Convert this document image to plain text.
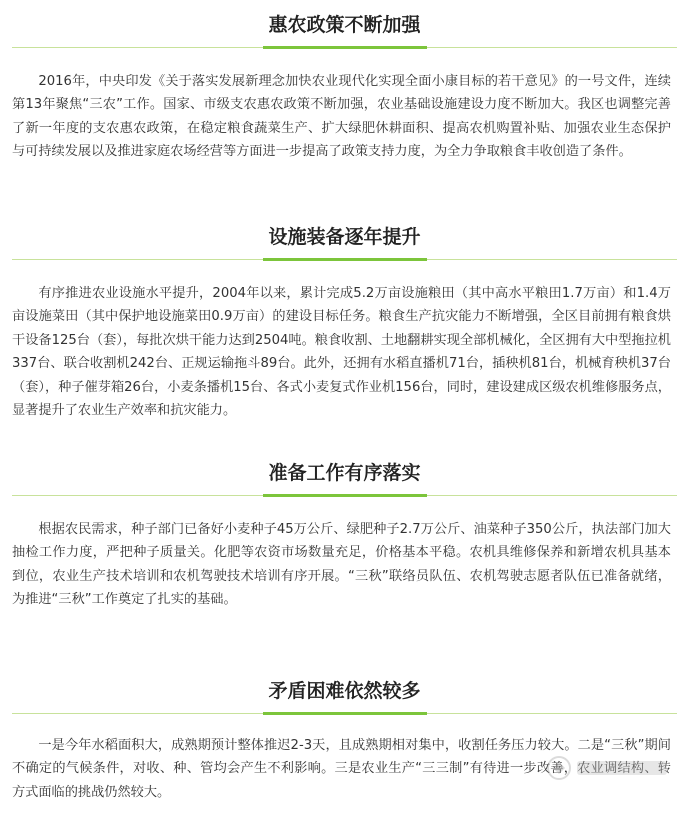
惠农政策不断加强

2016年，中央印发《关于落实发展新理念加快农业现代化实现全面小康目标的若干意见》的一号文件，连续第13年聚焦“三农”工作。国家、市级支农惠农政策不断加强，农业基础设施建设力度不断加大。我区也调整完善了新一年度的支农惠农政策，在稳定粮食蔬菜生产、扩大绿肥休耕面积、提高农机购置补贴、加强农业生态保护与可持续发展以及推进家庭农场经营等方面进一步提高了政策支持力度，为全力争取粮食丰收创造了条件。

设施装备逐年提升

有序推进农业设施水平提升，2004年以来，累计完成5.2万亩设施粮田（其中高水平粮田1.7万亩）和1.4万亩设施菜田（其中保护地设施菜田0.9万亩）的建设目标任务。粮食生产抗灾能力不断增强，全区目前拥有粮食烘干设备125台（套），每批次烘干能力达到2504吨。粮食收割、土地翻耕实现全部机械化，全区拥有大中型拖拉机337台、联合收割机242台、正规运输拖斗89台。此外，还拥有水稻直播机71台，插秧机81台，机械育秧机37台（套），种子催芽箱26台，小麦条播机15台、各式小麦复式作业机156台，同时，建设建成区级农机维修服务点，显著提升了农业生产效率和抗灾能力。

准备工作有序落实

根据农民需求，种子部门已备好小麦种子45万公斤、绿肥种子2.7万公斤、油菜种子350公斤，执法部门加大抽检工作力度，严把种子质量关。化肥等农资市场数量充足，价格基本平稳。农机具维修保养和新增农机具基本到位，农业生产技术培训和农机驾驶技术培训有序开展。“三秋”联络员队伍、农机驾驶志愿者队伍已准备就绪，为推进“三秋”工作奠定了扎实的基础。

矛盾困难依然较多

一是今年水稻面积大，成熟期预计整体推迟2-3天，且成熟期相对集中，收割任务压力较大。二是“三秋”期间不确定的气候条件，对收、种、管均会产生不利影响。三是农业生产“三三制”有待进一步改善，农业调结构、转方式面临的挑战仍然较大。
